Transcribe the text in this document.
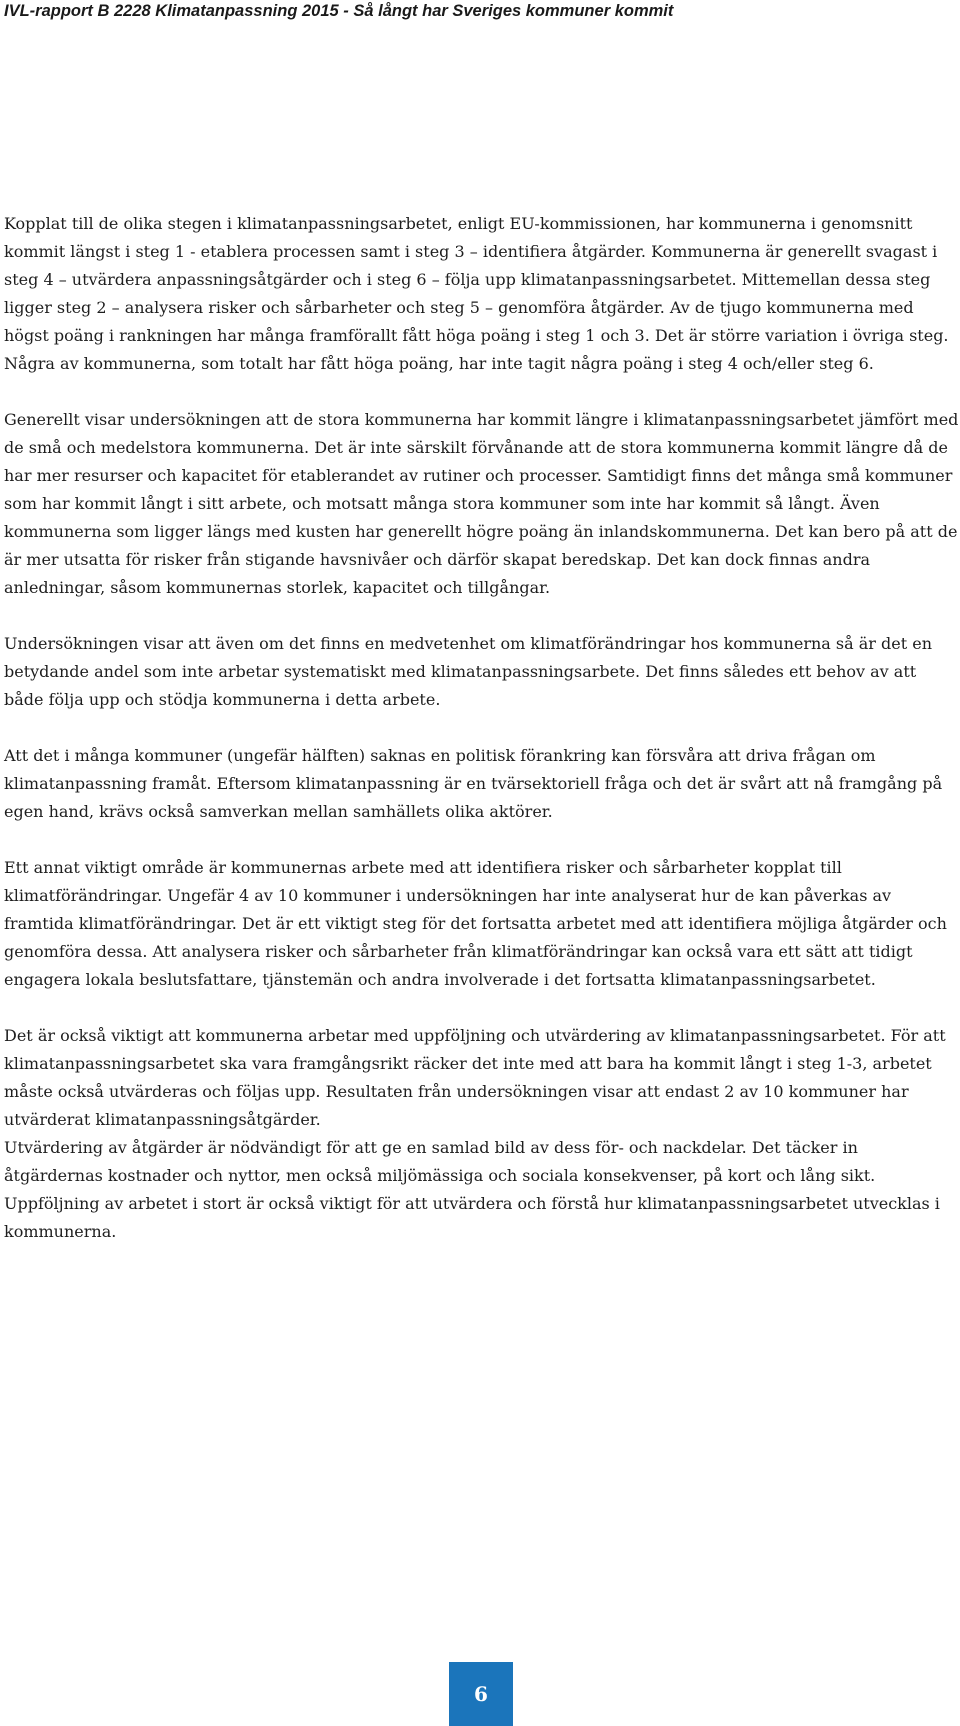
IVL-rapport B 2228 Klimatanpassning 2015 - Så långt har Sveriges kommuner kommit

Kopplat till de olika stegen i klimatanpassningsarbetet, enligt EU-kommissionen, har kommunerna i genomsnitt kommit längst i steg 1 - etablera processen samt i steg 3 – identifiera åtgärder. Kommunerna är generellt svagast i steg 4 – utvärdera anpassningsåtgärder och i steg 6 – följa upp klimatanpassningsarbetet. Mittemellan dessa steg ligger steg 2 – analysera risker och sårbarheter och steg 5 – genomföra åtgärder. Av de tjugo kommunerna med högst poäng i rankningen har många framförallt fått höga poäng i steg 1 och 3. Det är större variation i övriga steg. Några av kommunerna, som totalt har fått höga poäng, har inte tagit några poäng i steg 4 och/eller steg 6.

Generellt visar undersökningen att de stora kommunerna har kommit längre i klimatanpassningsarbetet jämfört med de små och medelstora kommunerna. Det är inte särskilt förvånande att de stora kommunerna kommit längre då de har mer resurser och kapacitet för etablerandet av rutiner och processer. Samtidigt finns det många små kommuner som har kommit långt i sitt arbete, och motsatt många stora kommuner som inte har kommit så långt. Även kommunerna som ligger längs med kusten har generellt högre poäng än inlandskommunerna. Det kan bero på att de är mer utsatta för risker från stigande havsnivåer och därför skapat beredskap. Det kan dock finnas andra anledningar, såsom kommunernas storlek, kapacitet och tillgångar.

Undersökningen visar att även om det finns en medvetenhet om klimatförändringar hos kommunerna så är det en betydande andel som inte arbetar systematiskt med klimatanpassningsarbete. Det finns således ett behov av att både följa upp och stödja kommunerna i detta arbete.

Att det i många kommuner (ungefär hälften) saknas en politisk förankring kan försvåra att driva frågan om klimatanpassning framåt. Eftersom klimatanpassning är en tvärsektoriell fråga och det är svårt att nå framgång på egen hand, krävs också samverkan mellan samhällets olika aktörer.

Ett annat viktigt område är kommunernas arbete med att identifiera risker och sårbarheter kopplat till klimatförändringar. Ungefär 4 av 10 kommuner i undersökningen har inte analyserat hur de kan påverkas av framtida klimatförändringar. Det är ett viktigt steg för det fortsatta arbetet med att identifiera möjliga åtgärder och genomföra dessa. Att analysera risker och sårbarheter från klimatförändringar kan också vara ett sätt att tidigt engagera lokala beslutsfattare, tjänstemän och andra involverade i det fortsatta klimatanpassningsarbetet.

Det är också viktigt att kommunerna arbetar med uppföljning och utvärdering av klimatanpassningsarbetet. För att klimatanpassningsarbetet ska vara framgångsrikt räcker det inte med att bara ha kommit långt i steg 1-3, arbetet måste också utvärderas och följas upp. Resultaten från undersökningen visar att endast 2 av 10 kommuner har utvärderat klimatanpassningsåtgärder.

Utvärdering av åtgärder är nödvändigt för att ge en samlad bild av dess för- och nackdelar. Det täcker in åtgärdernas kostnader och nyttor, men också miljömässiga och sociala konsekvenser, på kort och lång sikt. Uppföljning av arbetet i stort är också viktigt för att utvärdera och förstå hur klimatanpassningsarbetet utvecklas i kommunerna.

6
